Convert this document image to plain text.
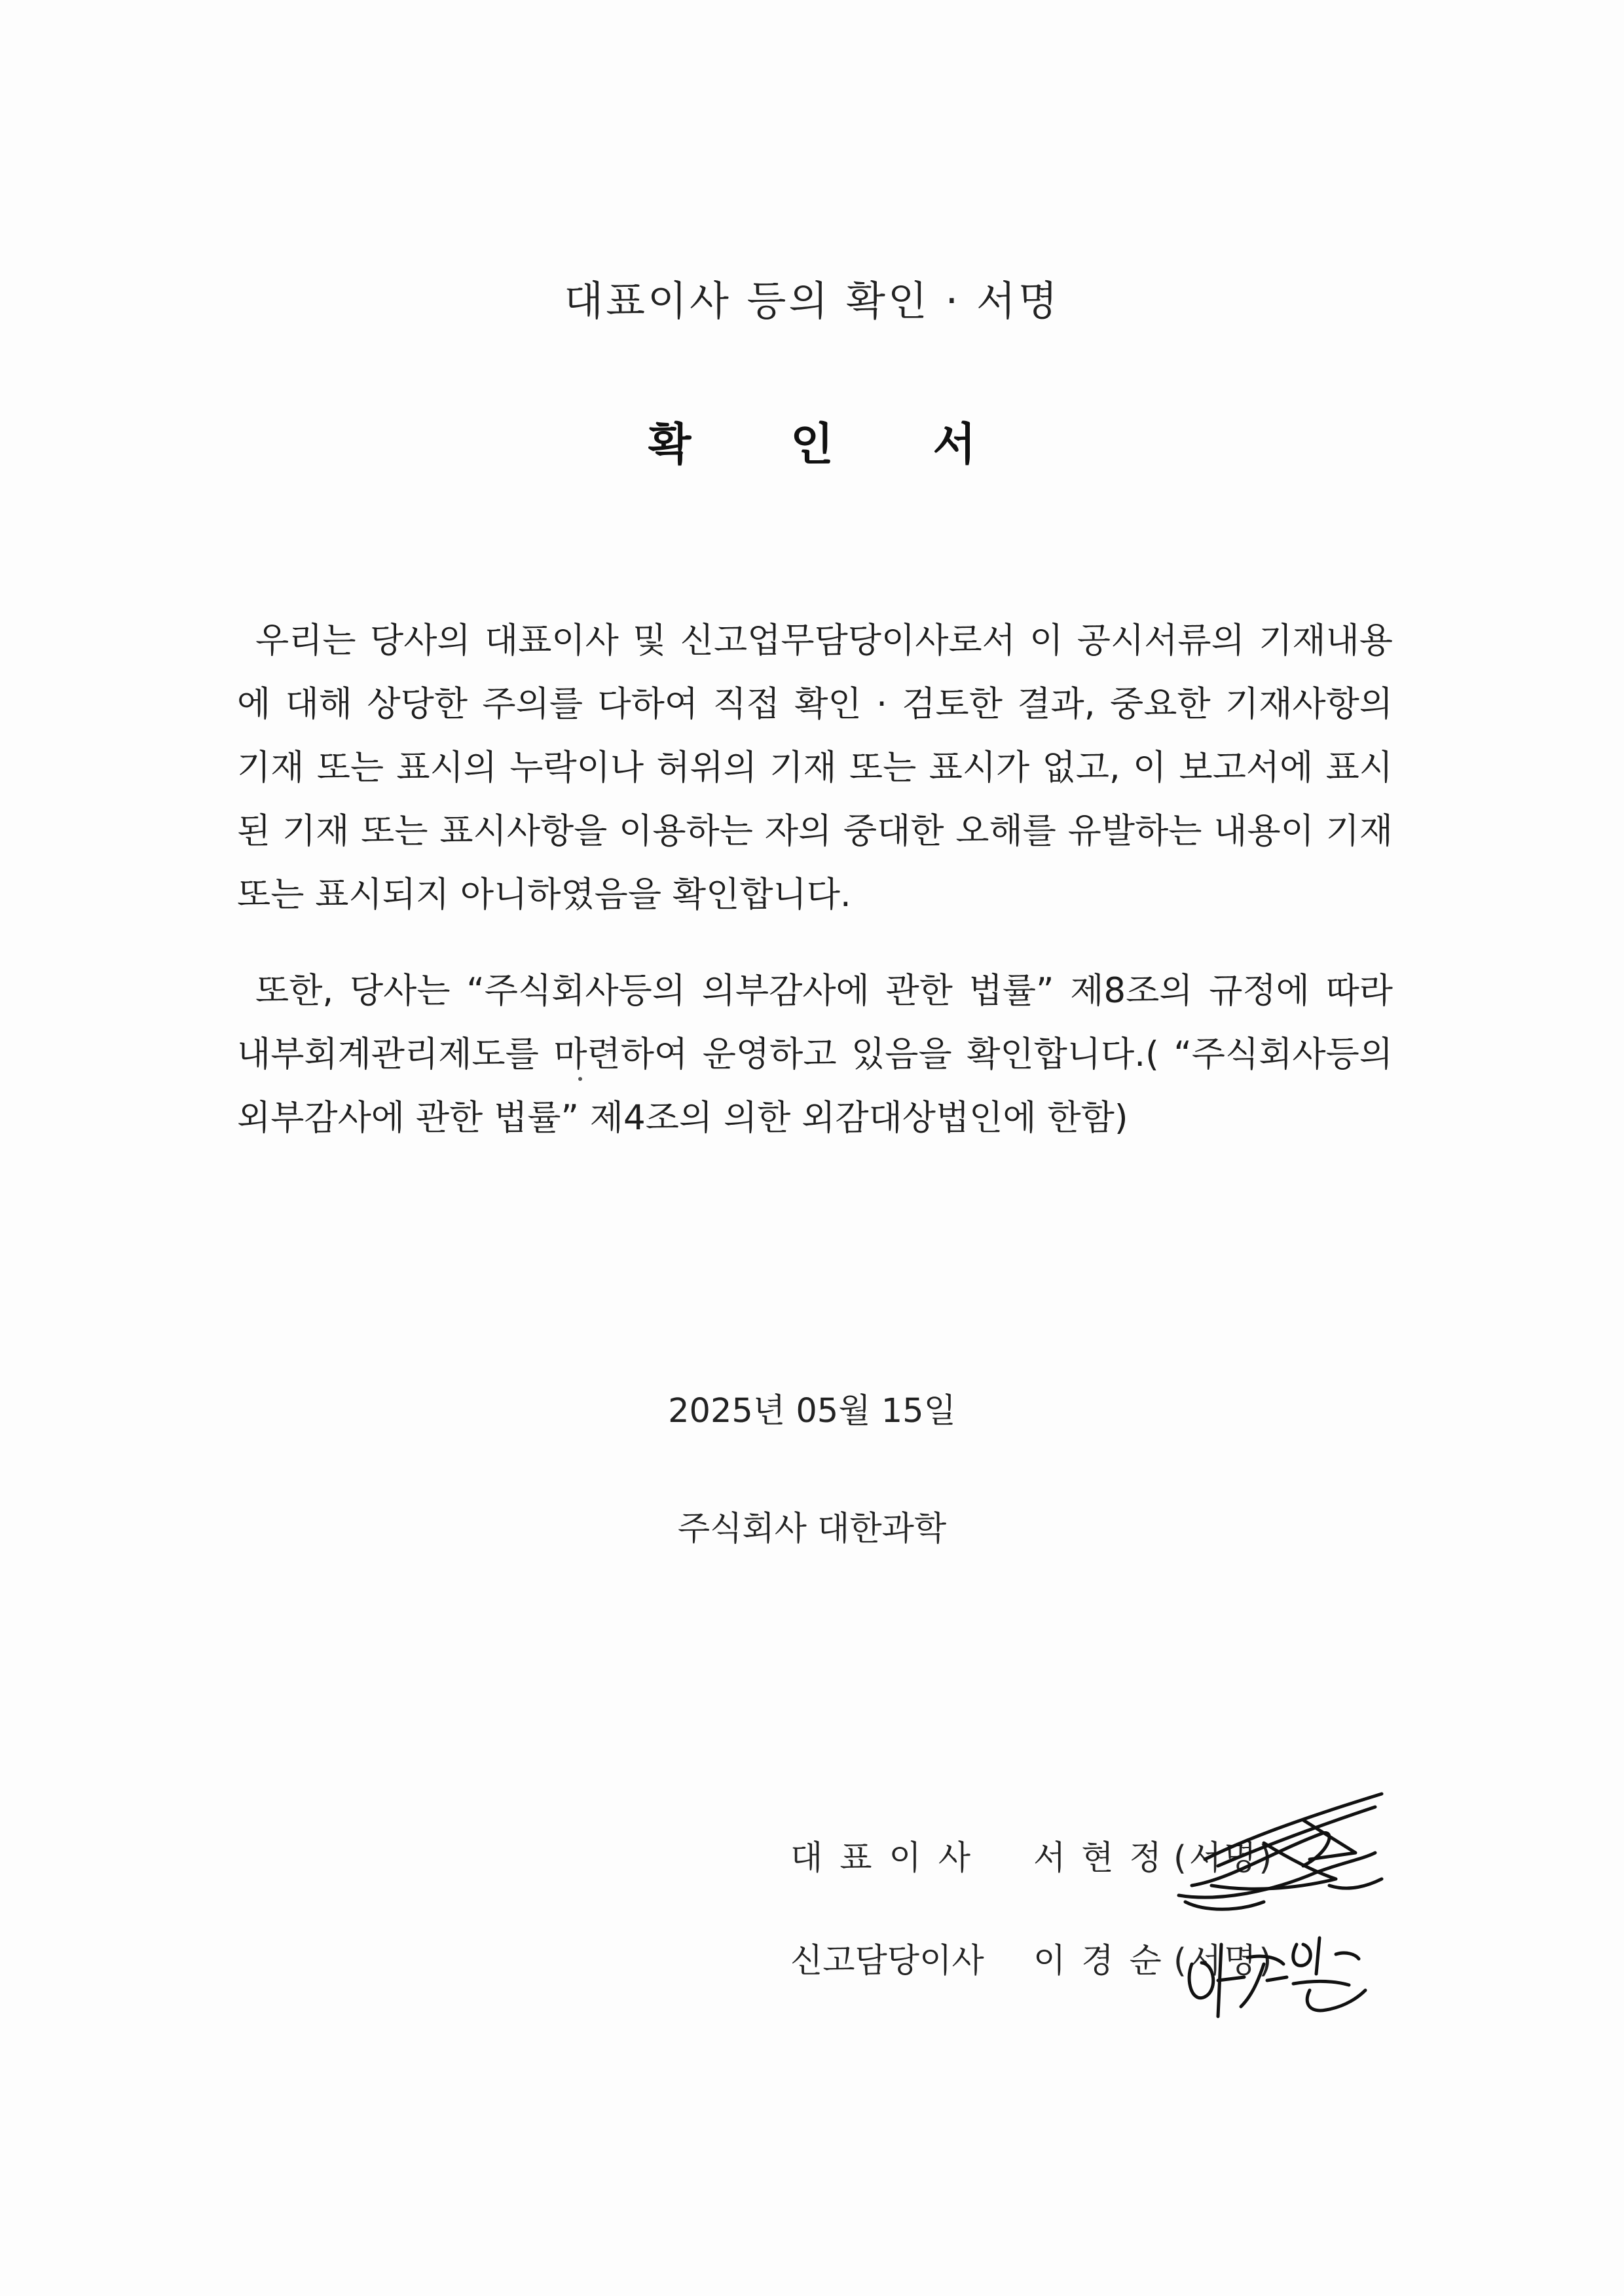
대표이사 등의 확인 · 서명
확 인 서
우리는 당사의 대표이사 및 신고업무담당이사로서 이 공시서류의 기재내용에 대해 상당한 주의를 다하여 직접 확인 · 검토한 결과, 중요한 기재사항의 기재 또는 표시의 누락이나 허위의 기재 또는 표시가 없고, 이 보고서에 표시된 기재 또는 표시사항을 이용하는 자의 중대한 오해를 유발하는 내용이 기재 또는 표시되지 아니하였음을 확인합니다.
또한, 당사는 “주식회사등의 의부감사에 관한 법률” 제8조의 규정에 따라 내부회계관리제도를 마련하여 운영하고 있음을 확인합니다.( “주식회사등의 외부감사에 관한 법률” 제4조의 의한 외감대상법인에 한함)
2025년 05월 15일
주식회사 대한과학
대표이사 서현정
(서명)
신고담당이사 이경순
(서명)
